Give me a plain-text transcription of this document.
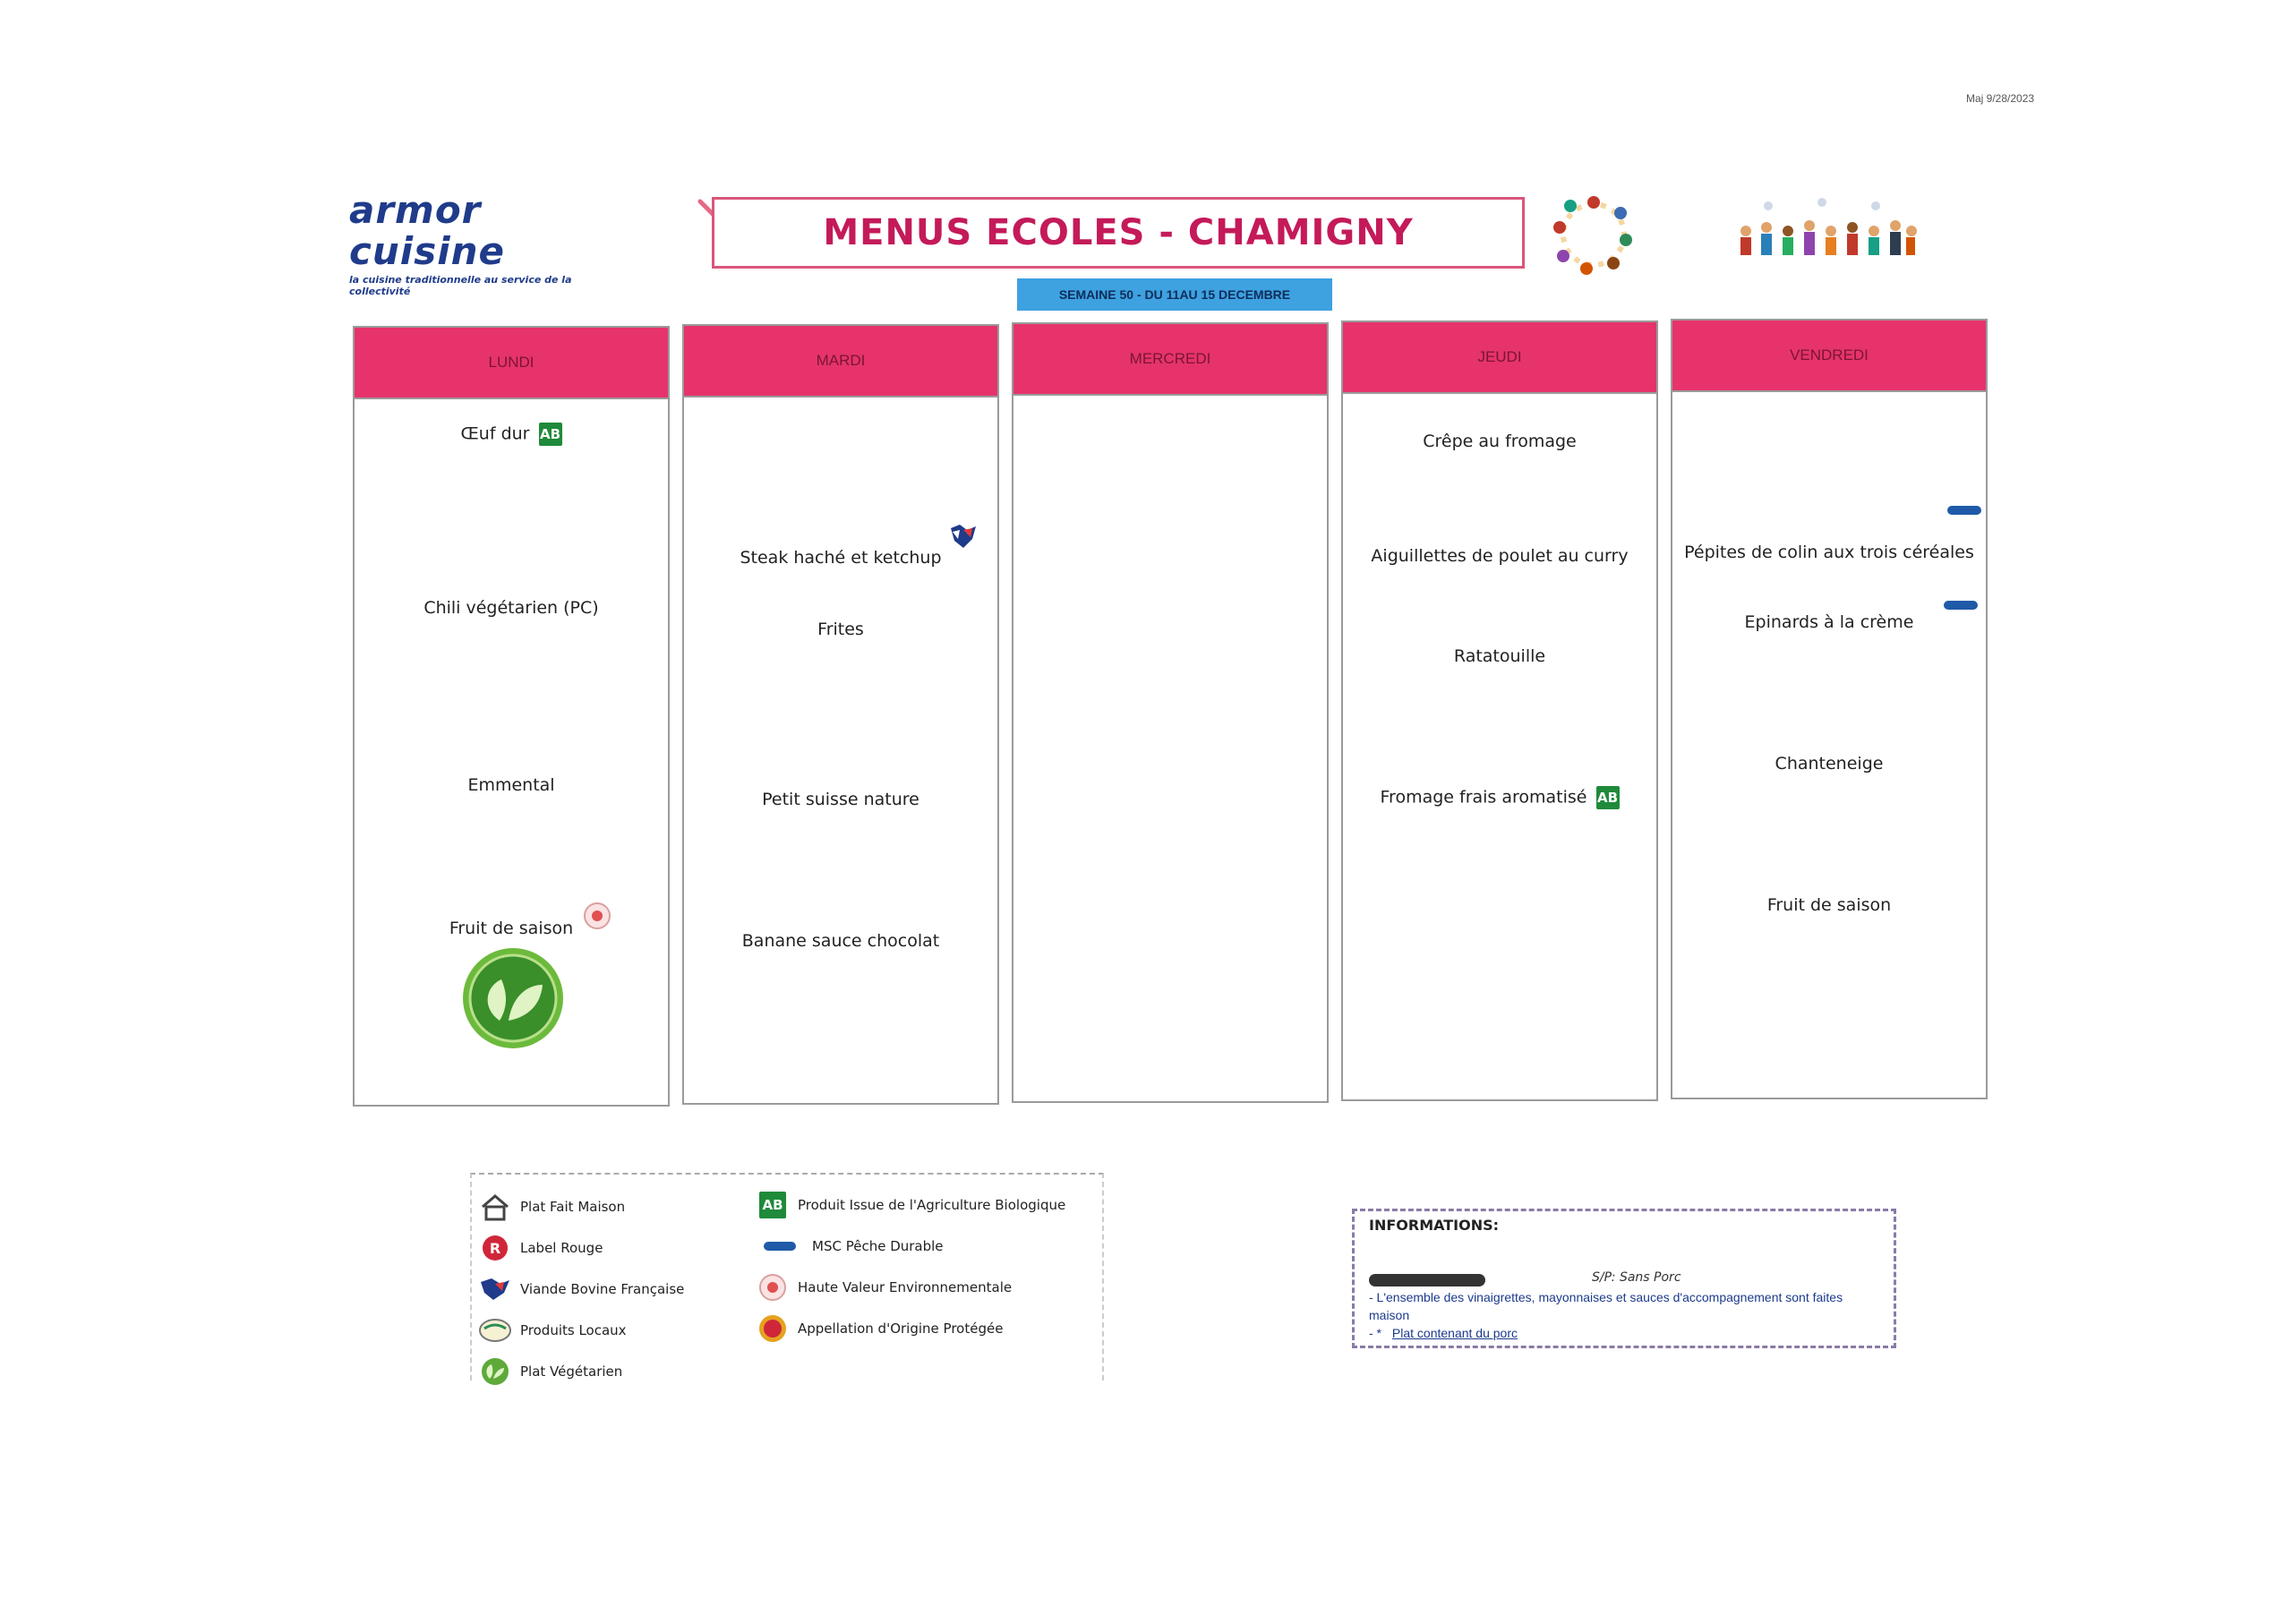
Maj 9/28/2023
armor cuisine
la cuisine traditionnelle au service de la collectivité
MENUS ECOLES - CHAMIGNY
SEMAINE 50 - DU 11AU 15 DECEMBRE
LUNDI
Œuf dur AB
Chili végétarien (PC)
Emmental
Fruit de saison
MARDI
Steak haché et ketchup
Frites
Petit suisse nature
Banane sauce chocolat
MERCREDI	JEUDI
Crêpe au fromage
Aiguillettes de poulet au curry
Ratatouille
Fromage frais aromatisé AB
VENDREDI
Pépites de colin aux trois céréales
Epinards à la crème
Chanteneige
Fruit de saison
Plat Fait Maison
R Label Rouge
Viande Bovine Française
Produits Locaux
Plat Végétarien
AB Produit Issue de l'Agriculture Biologique
MSC Pêche Durable
Haute Valeur Environnementale
Appellation d'Origine Protégée
INFORMATIONS:
S/P: Sans Porc
- L'ensemble des vinaigrettes, mayonnaises et sauces d'accompagnement sont faites
maison
- * Plat contenant du porc
